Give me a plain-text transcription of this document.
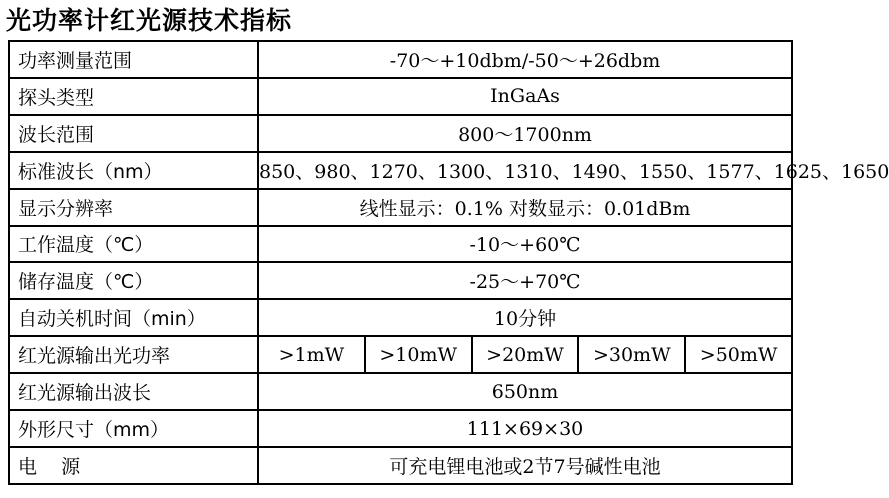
光功率计红光源技术指标
功率测量范围	-70～+10dbm/-50～+26dbm				
探头类型	InGaAs				
波长范围	800～1700nm				
标准波长（nm）	850、980、1270、1300、1310、1490、1550、1577、1625、1650				
显示分辨率	线性显示：0.1% 对数显示：0.01dBm				
工作温度（℃）	-10～+60℃				
储存温度（℃）	-25～+70℃				
自动关机时间（min）	10分钟				
红光源输出光功率	>1mW	>10mW	>20mW	>30mW	>50mW
红光源输出波长	650nm				
外形尺寸（mm）	111×69×30				
电    源	可充电锂电池或2节7号碱性电池				
